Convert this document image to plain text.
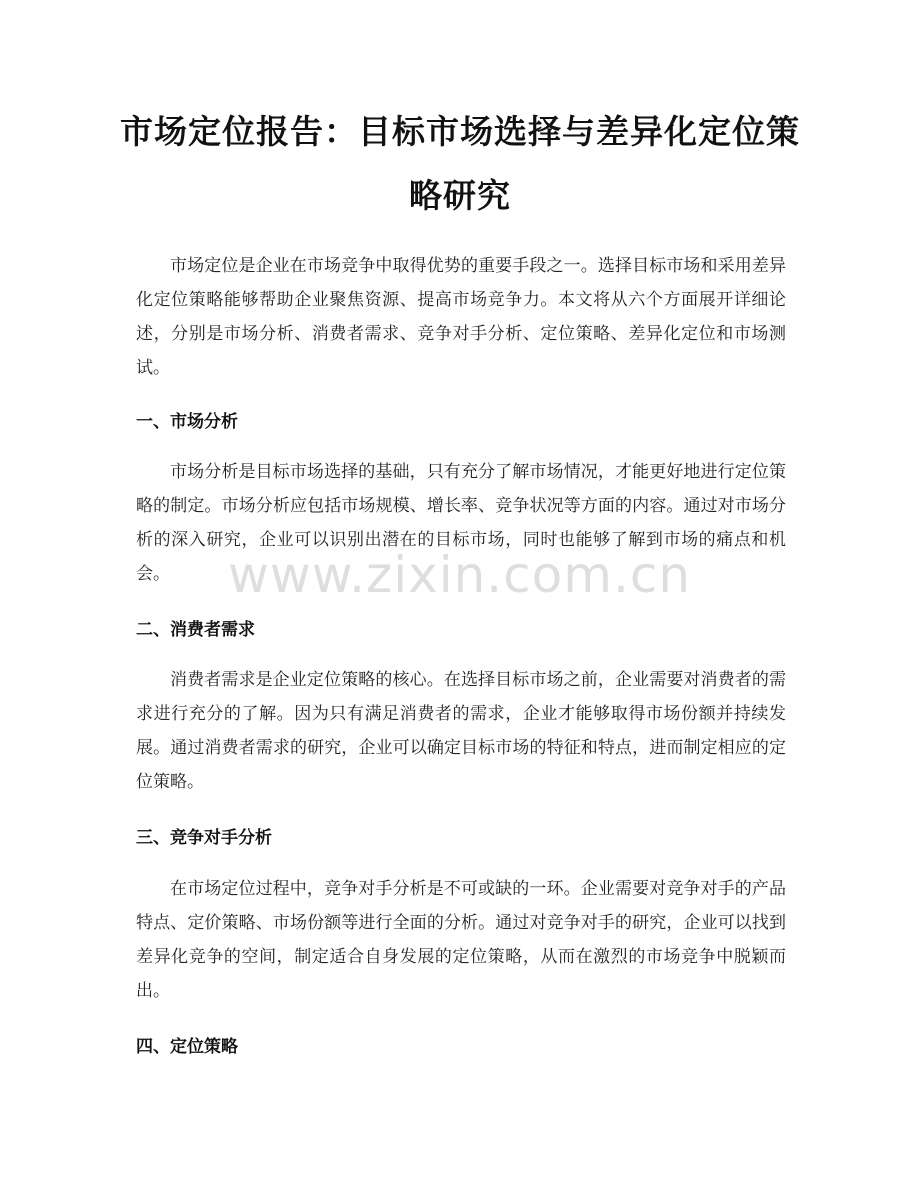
市场定位报告：目标市场选择与差异化定位策略研究

市场定位是企业在市场竞争中取得优势的重要手段之一。选择目标市场和采用差异化定位策略能够帮助企业聚焦资源、提高市场竞争力。本文将从六个方面展开详细论述，分别是市场分析、消费者需求、竞争对手分析、定位策略、差异化定位和市场测试。

一、市场分析

市场分析是目标市场选择的基础，只有充分了解市场情况，才能更好地进行定位策略的制定。市场分析应包括市场规模、增长率、竞争状况等方面的内容。通过对市场分析的深入研究，企业可以识别出潜在的目标市场，同时也能够了解到市场的痛点和机会。

二、消费者需求

消费者需求是企业定位策略的核心。在选择目标市场之前，企业需要对消费者的需求进行充分的了解。因为只有满足消费者的需求，企业才能够取得市场份额并持续发展。通过消费者需求的研究，企业可以确定目标市场的特征和特点，进而制定相应的定位策略。

三、竞争对手分析

在市场定位过程中，竞争对手分析是不可或缺的一环。企业需要对竞争对手的产品特点、定价策略、市场份额等进行全面的分析。通过对竞争对手的研究，企业可以找到差异化竞争的空间，制定适合自身发展的定位策略，从而在激烈的市场竞争中脱颖而出。

四、定位策略
www.zixin.com.cn
